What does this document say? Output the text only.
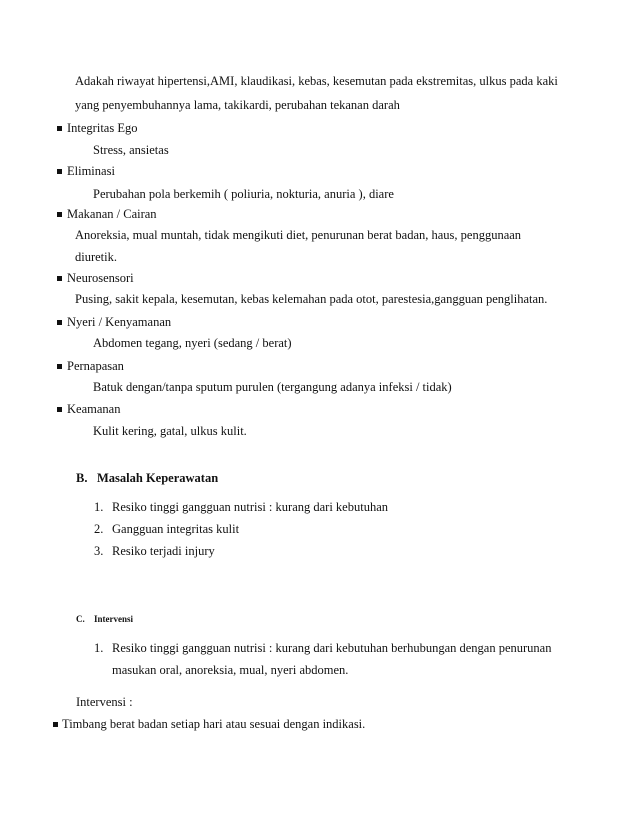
Adakah riwayat hipertensi,AMI, klaudikasi, kebas, kesemutan pada ekstremitas, ulkus pada kaki
yang penyembuhannya lama, takikardi, perubahan tekanan darah
Integritas Ego
Stress, ansietas
Eliminasi
Perubahan pola berkemih ( poliuria, nokturia, anuria ), diare
Makanan / Cairan
Anoreksia, mual muntah, tidak mengikuti diet, penurunan berat badan, haus, penggunaan
diuretik.
Neurosensori
Pusing, sakit kepala, kesemutan, kebas kelemahan pada otot, parestesia,gangguan penglihatan.
Nyeri / Kenyamanan
Abdomen tegang, nyeri (sedang / berat)
Pernapasan
Batuk dengan/tanpa sputum purulen (tergangung adanya infeksi / tidak)
Keamanan
Kulit kering, gatal, ulkus kulit.
B. Masalah Keperawatan
1. Resiko tinggi gangguan nutrisi : kurang dari kebutuhan
2. Gangguan integritas kulit
3. Resiko terjadi injury
C. Intervensi
1. Resiko tinggi gangguan nutrisi : kurang dari kebutuhan berhubungan dengan penurunan
masukan oral, anoreksia, mual, nyeri abdomen.
Intervensi :
Timbang berat badan setiap hari atau sesuai dengan indikasi.
